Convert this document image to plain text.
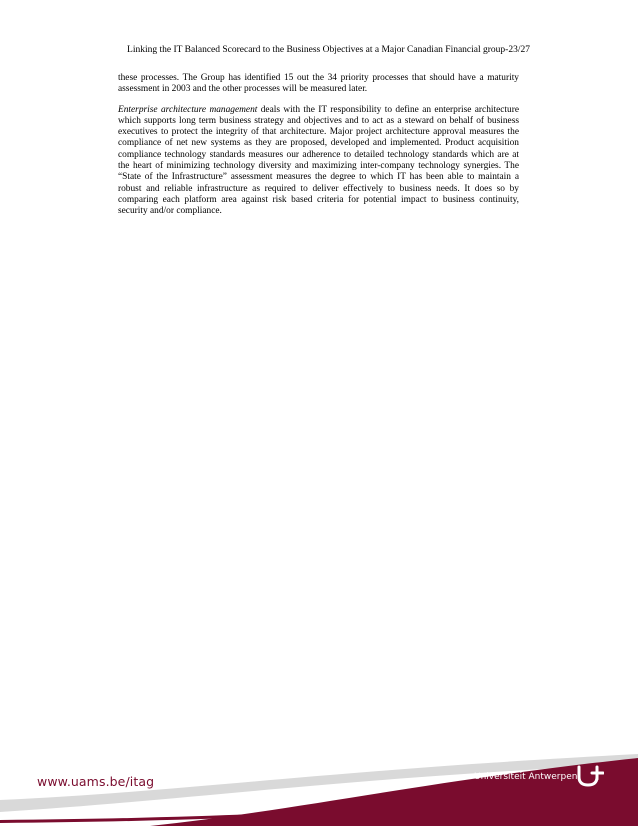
Linking the IT Balanced Scorecard to the Business Objectives at a Major Canadian Financial group-23/27

these processes. The Group has identified 15 out the 34 priority processes that should have a maturity assessment in 2003 and the other processes will be measured later.

Enterprise architecture management deals with the IT responsibility to define an enterprise architecture which supports long term business strategy and objectives and to act as a steward on behalf of business executives to protect the integrity of that architecture. Major project architecture approval measures the compliance of net new systems as they are proposed, developed and implemented. Product acquisition compliance technology standards measures our adherence to detailed technology standards which are at the heart of minimizing technology diversity and maximizing inter-company technology synergies. The “State of the Infrastructure” assessment measures the degree to which IT has been able to maintain a robust and reliable infrastructure as required to deliver effectively to business needs. It does so by comparing each platform area against risk based criteria for potential impact to business continuity, security and/or compliance.

www.uams.be/itag	Universiteit Antwerpen
